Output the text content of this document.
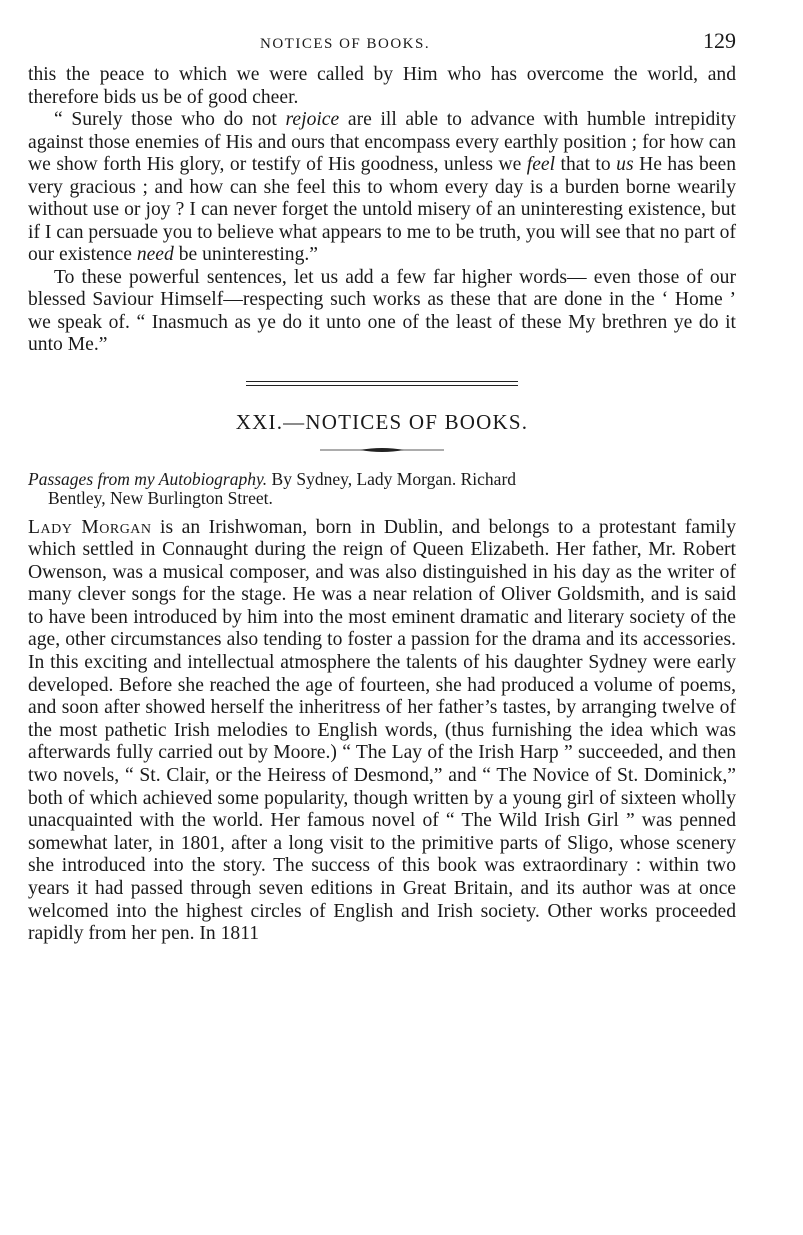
NOTICES OF BOOKS.	129

this the peace to which we were called by Him who has overcome the world, and therefore bids us be of good cheer.

“ Surely those who do not rejoice are ill able to advance with humble intrepidity against those enemies of His and ours that encompass every earthly position ; for how can we show forth His glory, or testify of His goodness, unless we feel that to us He has been very gracious ; and how can she feel this to whom every day is a burden borne wearily without use or joy ? I can never forget the untold misery of an uninteresting existence, but if I can persuade you to believe what appears to me to be truth, you will see that no part of our existence need be uninteresting.”

To these powerful sentences, let us add a few far higher words— even those of our blessed Saviour Himself—respecting such works as these that are done in the ‘ Home ’ we speak of. “ Inasmuch as ye do it unto one of the least of these My brethren ye do it unto Me.”

XXI.—NOTICES OF BOOKS.
Passages from my Autobiography. By Sydney, Lady Morgan. Richard
Bentley, New Burlington Street.

Lady Morgan is an Irishwoman, born in Dublin, and belongs to a protestant family which settled in Connaught during the reign of Queen Elizabeth. Her father, Mr. Robert Owenson, was a musical composer, and was also distinguished in his day as the writer of many clever songs for the stage. He was a near relation of Oliver Goldsmith, and is said to have been introduced by him into the most eminent dramatic and literary society of the age, other circumstances also tending to foster a passion for the drama and its accessories. In this exciting and intellectual atmosphere the talents of his daughter Sydney were early developed. Before she reached the age of fourteen, she had produced a volume of poems, and soon after showed herself the inheritress of her father’s tastes, by arranging twelve of the most pathetic Irish melodies to English words, (thus furnishing the idea which was afterwards fully carried out by Moore.) “ The Lay of the Irish Harp ” succeeded, and then two novels, “ St. Clair, or the Heiress of Desmond,” and “ The Novice of St. Dominick,” both of which achieved some popularity, though written by a young girl of sixteen wholly unacquainted with the world. Her famous novel of “ The Wild Irish Girl ” was penned somewhat later, in 1801, after a long visit to the primitive parts of Sligo, whose scenery she introduced into the story. The success of this book was extraordinary : within two years it had passed through seven editions in Great Britain, and its author was at once welcomed into the highest circles of English and Irish society. Other works proceeded rapidly from her pen. In 1811
